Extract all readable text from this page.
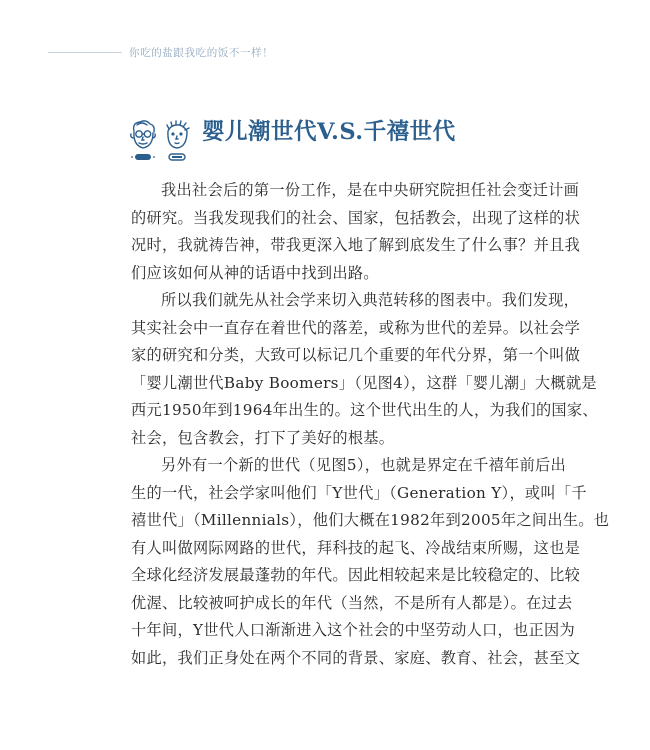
你吃的盐跟我吃的饭不一样！
婴儿潮世代V.S.千禧世代
我出社会后的第一份工作，是在中央研究院担任社会变迁计画
的研究。当我发现我们的社会、国家，包括教会，出现了这样的状
况时，我就祷告神，带我更深入地了解到底发生了什么事？并且我
们应该如何从神的话语中找到出路。
所以我们就先从社会学来切入典范转移的图表中。我们发现，
其实社会中一直存在着世代的落差，或称为世代的差异。以社会学
家的研究和分类，大致可以标记几个重要的年代分界，第一个叫做
「婴儿潮世代Baby Boomers」（见图4），这群「婴儿潮」大概就是
西元1950年到1964年出生的。这个世代出生的人，为我们的国家、
社会，包含教会，打下了美好的根基。
另外有一个新的世代（见图5），也就是界定在千禧年前后出
生的一代，社会学家叫他们「Y世代」（Generation Y），或叫「千
禧世代」（Millennials），他们大概在1982年到2005年之间出生。也
有人叫做网际网路的世代，拜科技的起飞、冷战结束所赐，这也是
全球化经济发展最蓬勃的年代。因此相较起来是比较稳定的、比较
优渥、比较被呵护成长的年代（当然，不是所有人都是）。在过去
十年间，Y世代人口渐渐进入这个社会的中坚劳动人口，也正因为
如此，我们正身处在两个不同的背景、家庭、教育、社会，甚至文
